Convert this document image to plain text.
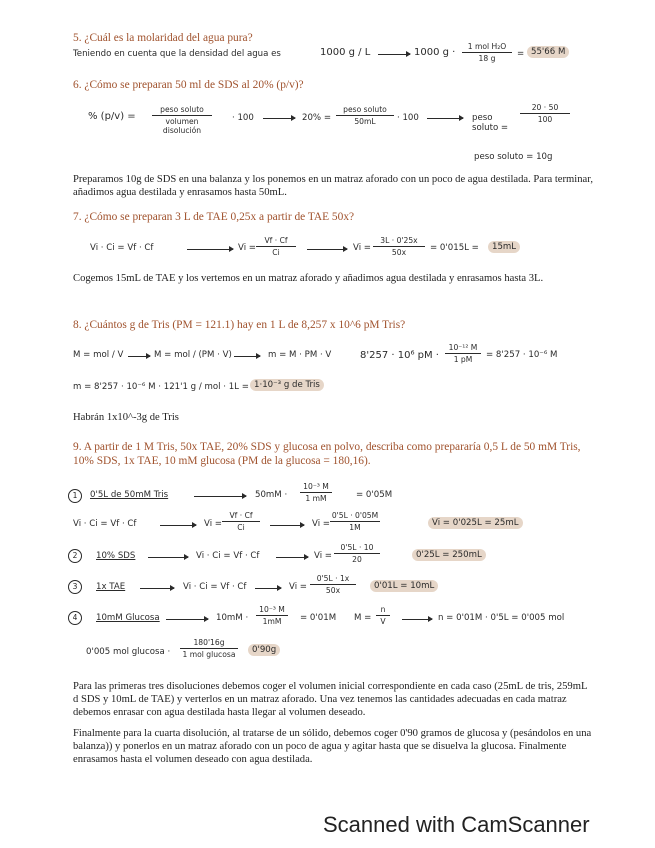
5. ¿Cuál es la molaridad del agua pura?

Teniendo en cuenta que la densidad del agua es	1000 g / L	1000 g ·
1 mol H₂O
18 g	= 55'66 M

6. ¿Cómo se preparan 50 ml de SDS al 20% (p/v)?

% (p/v) =
peso soluto
volumen disolución
· 100	20% =
peso soluto
50mL	· 100	peso soluto =
20 · 50
100
peso soluto = 10g

Preparamos 10g de SDS en una balanza y los ponemos en un matraz aforado con un poco de agua destilada. Para terminar, añadimos agua destilada y enrasamos hasta 50mL.

7. ¿Cómo se preparan 3 L de TAE 0,25x a partir de TAE 50x?

Vi · Ci = Vf · Cf	Vi =
Vf · Cf
Ci	Vi =
3L · 0'25x
50x	= 0'015L =	15mL

Cogemos 15mL de TAE y los vertemos en un matraz aforado y añadimos agua destilada y enrasamos hasta 3L.

8. ¿Cuántos g de Tris (PM = 121.1) hay en 1 L de 8,257 x 10^6 pM Tris?

M = mol / V	M = mol / (PM · V)	m = M · PM · V	8'257 · 10⁶ pM ·
10⁻¹² M
1 pM	= 8'257 · 10⁻⁶ M
m = 8'257 · 10⁻⁶ M · 121'1 g / mol · 1L = 1·10⁻³ g de Tris

Habrán 1x10^-3g de Tris

9. A partir de 1 M Tris, 50x TAE, 20% SDS y glucosa en polvo, describa como prepararía 0,5 L de 50 mM Tris, 10% SDS, 1x TAE, 10 mM glucosa (PM de la glucosa = 180,16).

1	0'5L de 50mM Tris	50mM ·
10⁻³ M
1 mM	= 0'05M
Vi · Ci = Vf · Cf	Vi =
Vf · Cf
Ci	Vi =
0'5L · 0'05M
1M	Vi = 0'025L = 25mL
2	10% SDS	Vi · Ci = Vf · Cf	Vi =
0'5L · 10
20	0'25L = 250mL
3	1x TAE	Vi · Ci = Vf · Cf	Vi =
0'5L · 1x
50x	0'01L = 10mL
4	10mM Glucosa	10mM ·
10⁻³ M
1mM	= 0'01M M =
n
V	n = 0'01M · 0'5L = 0'005 mol
0'005 mol glucosa ·
180'16g
1 mol glucosa	0'90g

Para las primeras tres disoluciones debemos coger el volumen inicial correspondiente en cada caso (25mL de tris, 259mL d SDS y 10mL de TAE) y verterlos en un matraz aforado. Una vez tenemos las cantidades adecuadas en cada matraz debemos enrasar con agua destilada hasta llegar al volumen deseado.

Finalmente para la cuarta disolución, al tratarse de un sólido, debemos coger 0'90 gramos de glucosa y (pesándolos en una balanza)) y ponerlos en un matraz aforado con un poco de agua y agitar hasta que se disuelva la glucosa. Finalmente enrasamos hasta el volumen deseado con agua destilada.

Scanned with CamScanner
